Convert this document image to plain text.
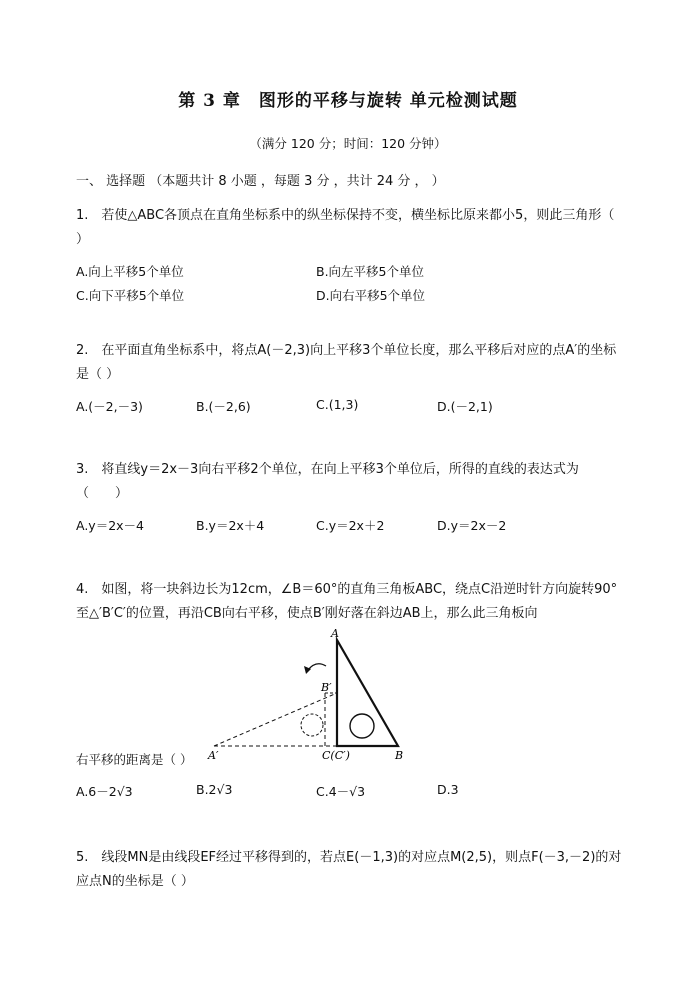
第 3 章　图形的平移与旋转 单元检测试题
（满分 120 分；时间：120 分钟）
一、 选择题 （本题共计 8 小题 ，每题 3 分 ，共计 24 分 ， ）
1.　若使△ABC各顶点在直角坐标系中的纵坐标保持不变，横坐标比原来都小5，则此三角形（ ）
A.向上平移5个单位	B.向左平移5个单位
C.向下平移5个单位	D.向右平移5个单位
2.　在平面直角坐标系中，将点A(－2,3)向上平移3个单位长度，那么平移后对应的点A′的坐标是（ ）
A.(－2,－3)	B.(－2,6)	C.(1,3)	D.(－2,1)
3.　将直线y＝2x－3向右平移2个单位，在向上平移3个单位后，所得的直线的表达式为（　　）
A.y＝2x－4	B.y＝2x＋4	C.y＝2x＋2	D.y＝2x－2
4.　如图，将一块斜边长为12cm，∠B＝60°的直角三角板ABC，绕点C沿逆时针方向旋转90°至△′B′C′的位置，再沿CB向右平移，使点B′刚好落在斜边AB上，那么此三角板向
A
B′
A′	C(C′)	B
右平移的距离是（ ）
A.6－2√3	B.2√3	C.4－√3	D.3
5.　线段MN是由线段EF经过平移得到的，若点E(－1,3)的对应点M(2,5)，则点F(－3,－2)的对应点N的坐标是（ ）
